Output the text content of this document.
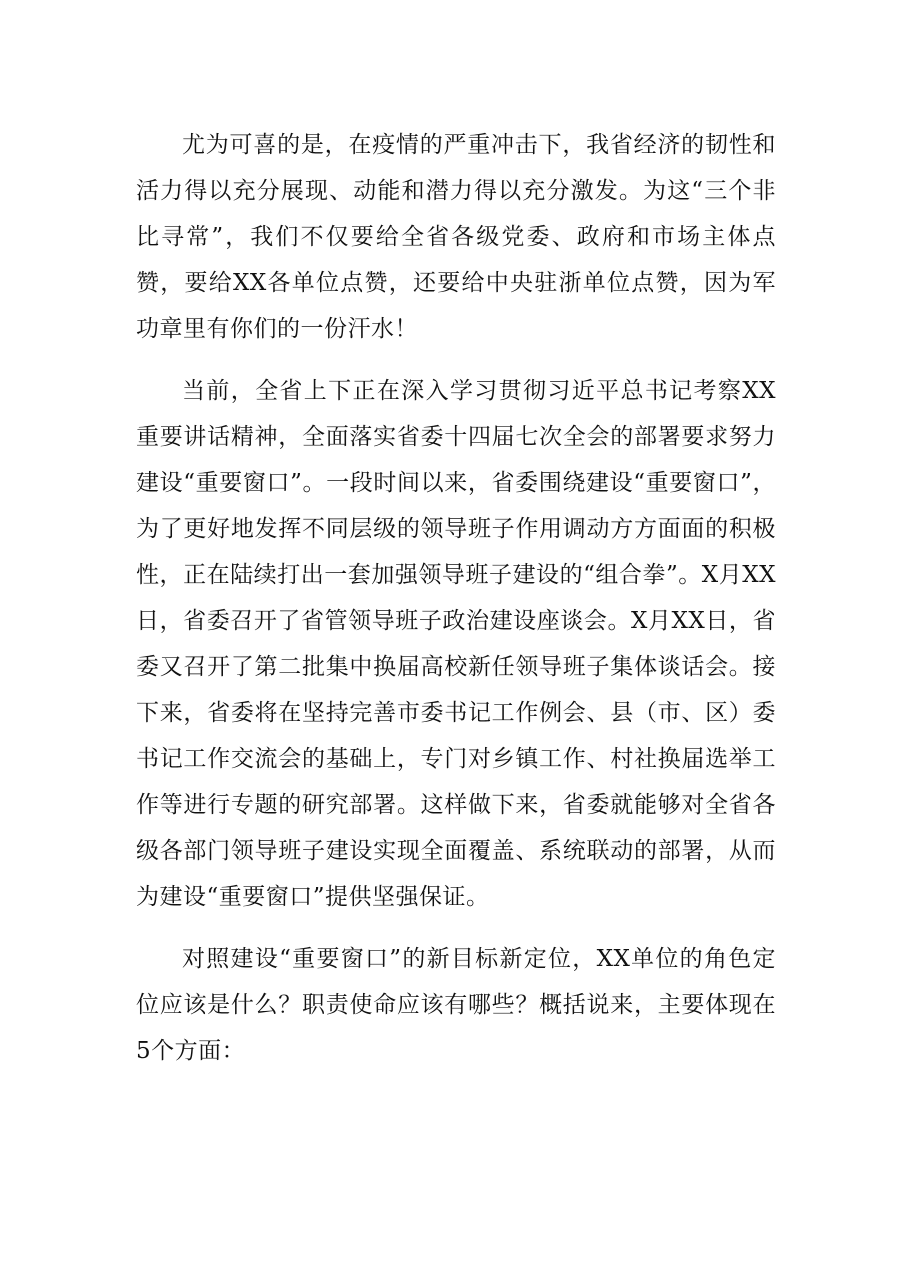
尤为可喜的是，在疫情的严重冲击下，我省经济的韧性和活力得以充分展现、动能和潜力得以充分激发。为这“三个非比寻常”，我们不仅要给全省各级党委、政府和市场主体点赞，要给XX各单位点赞，还要给中央驻浙单位点赞，因为军功章里有你们的一份汗水！

当前，全省上下正在深入学习贯彻习近平总书记考察XX重要讲话精神，全面落实省委十四届七次全会的部署要求努力建设“重要窗口”。一段时间以来，省委围绕建设“重要窗口”，为了更好地发挥不同层级的领导班子作用调动方方面面的积极性，正在陆续打出一套加强领导班子建设的“组合拳”。X月XX日，省委召开了省管领导班子政治建设座谈会。X月XX日，省委又召开了第二批集中换届高校新任领导班子集体谈话会。接下来，省委将在坚持完善市委书记工作例会、县（市、区）委书记工作交流会的基础上，专门对乡镇工作、村社换届选举工作等进行专题的研究部署。这样做下来，省委就能够对全省各级各部门领导班子建设实现全面覆盖、系统联动的部署，从而为建设“重要窗口”提供坚强保证。

对照建设“重要窗口”的新目标新定位，XX单位的角色定位应该是什么？职责使命应该有哪些？概括说来，主要体现在5个方面：
